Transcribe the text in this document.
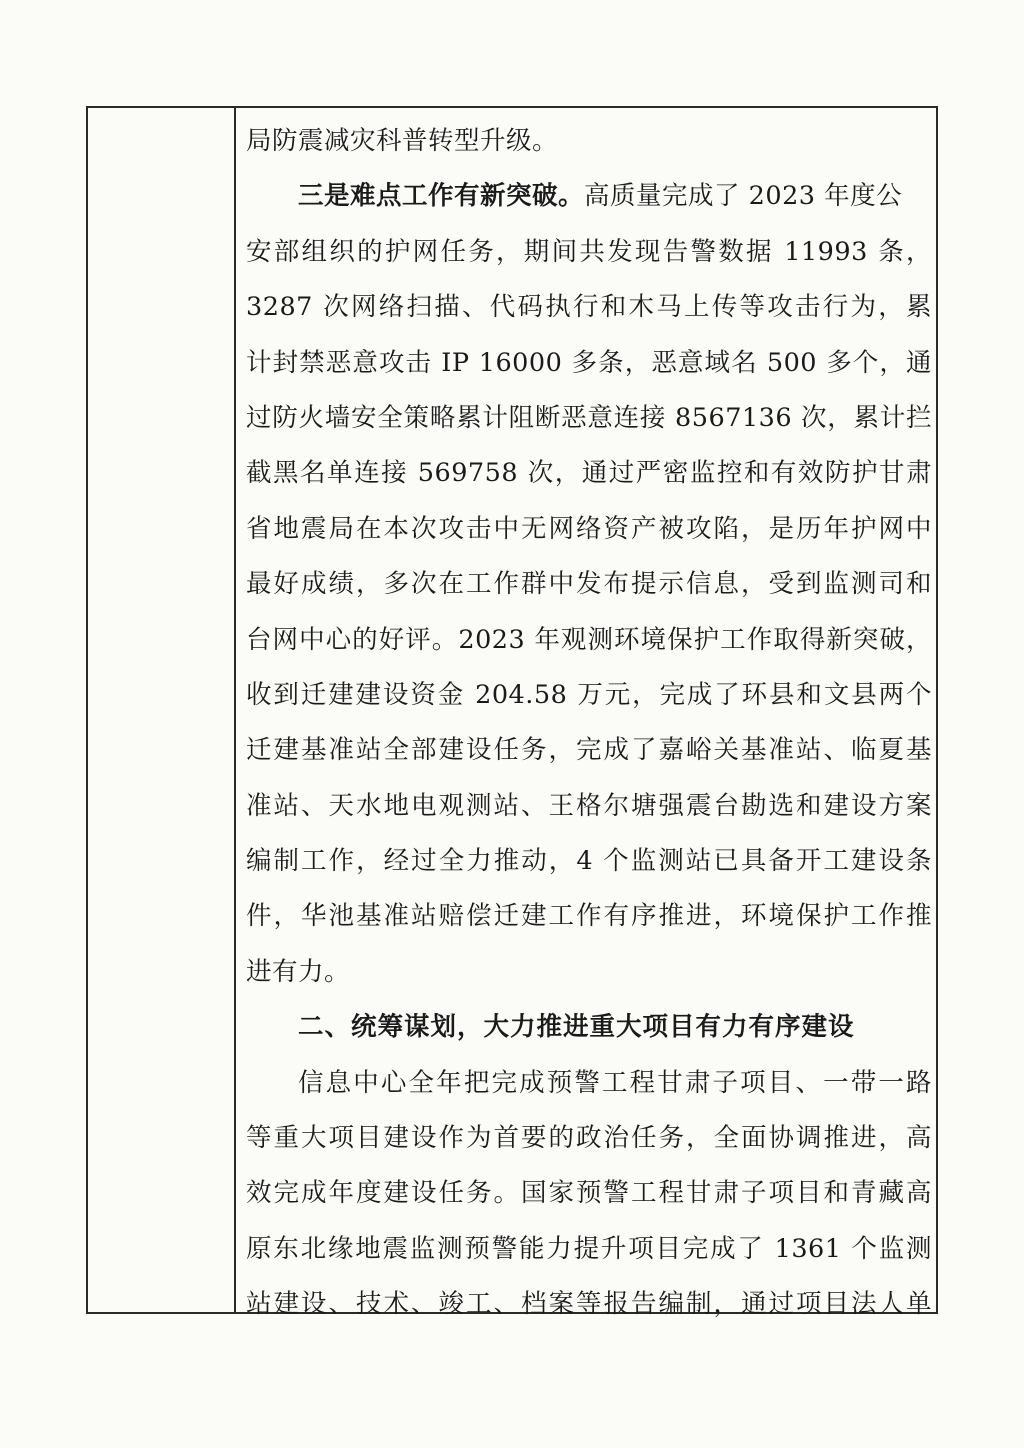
局防震减灾科普转型升级。
三是难点工作有新突破。高质量完成了 2023 年度公
安部组织的护网任务，期间共发现告警数据 11993 条，
3287 次网络扫描、代码执行和木马上传等攻击行为，累
计封禁恶意攻击 IP 16000 多条，恶意域名 500 多个，通
过防火墙安全策略累计阻断恶意连接 8567136 次，累计拦
截黑名单连接 569758 次，通过严密监控和有效防护甘肃
省地震局在本次攻击中无网络资产被攻陷，是历年护网中
最好成绩，多次在工作群中发布提示信息，受到监测司和
台网中心的好评。2023 年观测环境保护工作取得新突破，
收到迁建建设资金 204.58 万元，完成了环县和文县两个
迁建基准站全部建设任务，完成了嘉峪关基准站、临夏基
准站、天水地电观测站、王格尔塘强震台勘选和建设方案
编制工作，经过全力推动，4 个监测站已具备开工建设条
件，华池基准站赔偿迁建工作有序推进，环境保护工作推
进有力。
二、统筹谋划，大力推进重大项目有力有序建设
信息中心全年把完成预警工程甘肃子项目、一带一路
等重大项目建设作为首要的政治任务，全面协调推进，高
效完成年度建设任务。国家预警工程甘肃子项目和青藏高
原东北缘地震监测预警能力提升项目完成了 1361 个监测
站建设、技术、竣工、档案等报告编制，通过项目法人单
